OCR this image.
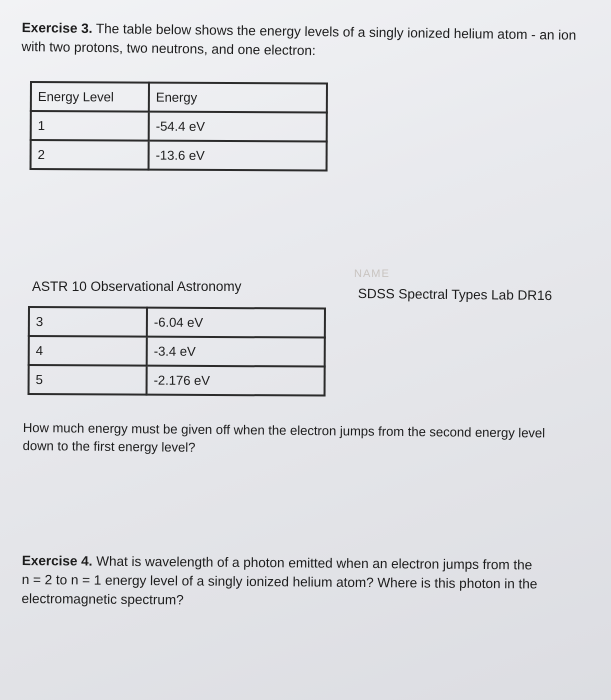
Exercise 3. The table below shows the energy levels of a singly ionized helium atom - an ion
with two protons, two neutrons, and one electron:
Energy Level	Energy
1	-54.4 eV
2	-13.6 eV
NAME
ASTR 10 Observational Astronomy	SDSS Spectral Types Lab DR16
3	-6.04 eV
4	-3.4 eV
5	-2.176 eV
How much energy must be given off when the electron jumps from the second energy level
down to the first energy level?
Exercise 4. What is wavelength of a photon emitted when an electron jumps from the
n = 2 to n = 1 energy level of a singly ionized helium atom? Where is this photon in the
electromagnetic spectrum?
